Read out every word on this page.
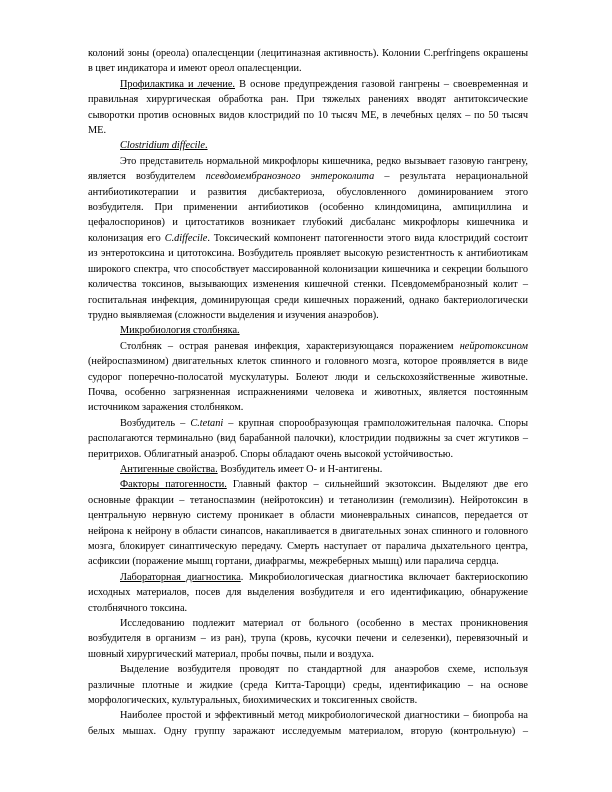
колоний зоны (ореола) опалесценции (лецитиназная активность). Колонии C.perfringens окрашены в цвет индикатора и имеют ореол опалесценции.

Профилактика и лечение. В основе предупреждения газовой гангрены – своевременная и правильная хирургическая обработка ран. При тяжелых ранениях вводят антитоксические сыворотки против основных видов клостридий по 10 тысяч МЕ, в лечебных целях – по 50 тысяч МЕ.

Clostridium diffecile.

Это представитель нормальной микрофлоры кишечника, редко вызывает газовую гангрену, является возбудителем псевдомембранозного энтероколита – результата нерациональной антибиотикотерапии и развития дисбактериоза, обусловленного доминированием этого возбудителя. При применении антибиотиков (особенно клиндомицина, ампициллина и цефалоспоринов) и цитостатиков возникает глубокий дисбаланс микрофлоры кишечника и колонизация его C.diffecile. Токсический компонент патогенности этого вида клостридий состоит из энтеротоксина и цитотоксина. Возбудитель проявляет высокую резистентность к антибиотикам широкого спектра, что способствует массированной колонизации кишечника и секреции большого количества токсинов, вызывающих изменения кишечной стенки. Псевдомембранозный колит – госпитальная инфекция, доминирующая среди кишечных поражений, однако бактериологически трудно выявляемая (сложности выделения и изучения анаэробов).

Микробиология столбняка.

Столбняк – острая раневая инфекция, характеризующаяся поражением нейротоксином (нейроспазмином) двигательных клеток спинного и головного мозга, которое проявляется в виде судорог поперечно-полосатой мускулатуры. Болеют люди и сельскохозяйственные животные. Почва, особенно загрязненная испражнениями человека и животных, является постоянным источником заражения столбняком.

Возбудитель – C.tetani – крупная спорообразующая грамположительная палочка. Споры располагаются терминально (вид барабанной палочки), клостридии подвижны за счет жгутиков – перитрихов. Облигатный анаэроб. Споры обладают очень высокой устойчивостью.

Антигенные свойства. Возбудитель имеет О- и Н-антигены.

Факторы патогенности. Главный фактор – сильнейший экзотоксин. Выделяют две его основные фракции – тетаноспазмин (нейротоксин) и тетанолизин (гемолизин). Нейротоксин в центральную нервную систему проникает в области мионевральных синапсов, передается от нейрона к нейрону в области синапсов, накапливается в двигательных зонах спинного и головного мозга, блокирует синаптическую передачу. Смерть наступает от паралича дыхательного центра, асфиксии (поражение мышц гортани, диафрагмы, межреберных мышц) или паралича сердца.

Лабораторная диагностика. Микробиологическая диагностика включает бактериоскопию исходных материалов, посев для выделения возбудителя и его идентификацию, обнаружение столбнячного токсина.

Исследованию подлежит материал от больного (особенно в местах проникновения возбудителя в организм – из ран), трупа (кровь, кусочки печени и селезенки), перевязочный и шовный хирургический материал, пробы почвы, пыли и воздуха.

Выделение возбудителя проводят по стандартной для анаэробов схеме, используя различные плотные и жидкие (среда Китта-Тароцци) среды, идентификацию – на основе морфологических, культуральных, биохимических и токсигенных свойств.

Наиболее простой и эффективный метод микробиологической диагностики – биопроба на белых мышах. Одну группу заражают исследуемым материалом, вторую (контрольную) –
